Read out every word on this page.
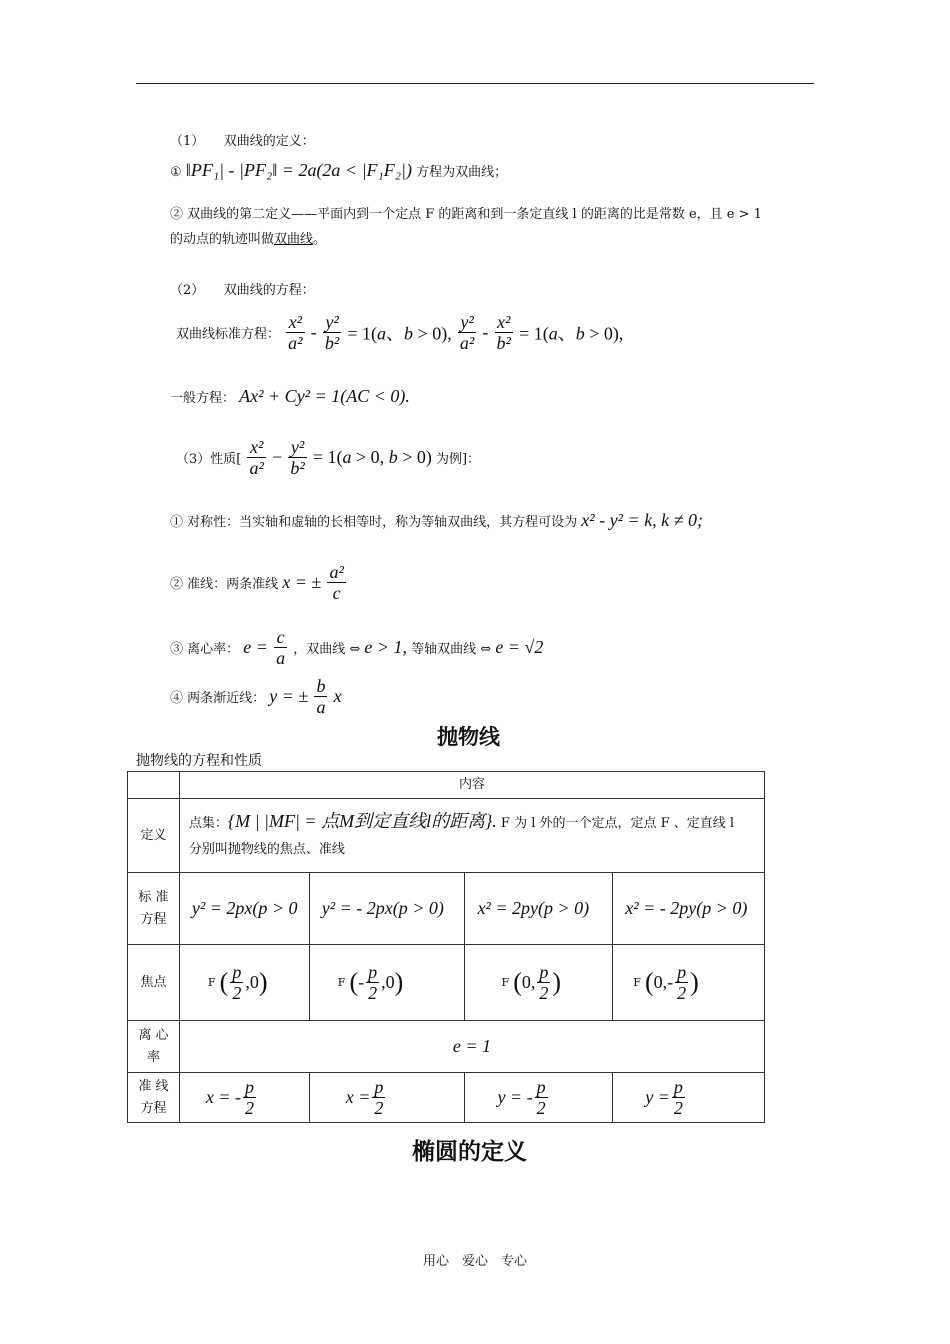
（1）　　双曲线的定义：
① ‖PF₁| - |PF₂‖ = 2a(2a < |F₁F₂|) 方程为双曲线；
② 双曲线的第二定义——平面内到一个定点 F 的距离和到一条定直线 l 的距离的比是常数 e，且 e > 1
的动点的轨迹叫做双曲线。
（2）　　双曲线的方程：
双曲线标准方程： $\frac{\text{x²}}{\text{a²}} - \frac{\text{y²}}{\text{b²}} = 1(a$、b > 0), $\frac{\text{y²}}{\text{a²}} - \frac{\text{x²}}{\text{b²}} = 1(a$、b > 0),
一般方程： Ax² + Cy² = 1(AC < 0).
（3）性质[ $\frac{\text{x²}}{\text{a²}} - \frac{\text{y²}}{\text{b²}} = 1(a > 0$, b > 0) 为例]：
① 对称性：当实轴和虚轴的长相等时，称为等轴双曲线，其方程可设为 x² - y² = k, k ≠ 0;
② 准线：两条准线 x = ± $\frac{\text{a²}}{c}$
③ 离心率： $e = \frac{c}{a}$ ，双曲线 ⇔ e > 1, 等轴双曲线 ⇔ e = √2
④ 两条渐近线： y = ± $\frac{b}{a}$ x
抛物线
抛物线的方程和性质
	内容			
定义	点集：{M | |MF| = 点M到定直线l的距离}. F 为 l 外的一个定点，定点 F 、定直线 l
分别叫抛物线的焦点、准线			
标 准
方程	y² = 2px(p > 0	y² = - 2px(p > 0)	x² = 2py(p > 0)	x² = - 2py(p > 0)
焦点	F ( $\frac{p}{2} ,0$)	F (- $\frac{p}{2} ,0$)	F (0, $\frac{p}{2}$ )	F ($0,- \frac{p}{2}$ )
离 心
率	e = 1			
准 线
方程	x = - $\frac{p}{2}$	$x = \frac{p}{2}$	y = - $\frac{p}{2}$	$y = \frac{p}{2}$
椭圆的定义
用心　爱心　专心
